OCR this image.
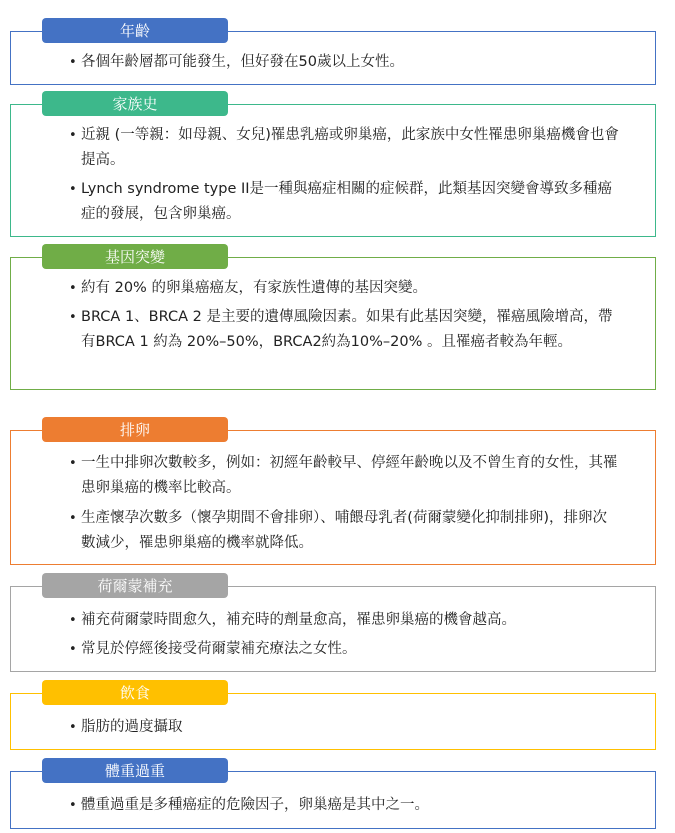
• 各個年齡層都可能發生，但好發在50歲以上女性。
年齡
• 近親 (一等親：如母親、女兒)罹患乳癌或卵巢癌，此家族中女性罹患卵巢癌機會也會提高。
• Lynch syndrome type II是一種與癌症相關的症候群，此類基因突變會導致多種癌症的發展，包含卵巢癌。
家族史
• 約有 20% 的卵巢癌癌友，有家族性遺傳的基因突變。
• BRCA 1、BRCA 2 是主要的遺傳風險因素。如果有此基因突變，罹癌風險增高，帶有BRCA 1 約為 20%–50%，BRCA2約為10%–20% 。且罹癌者較為年輕。
基因突變
• 一生中排卵次數較多，例如：初經年齡較早、停經年齡晚以及不曾生育的女性，其罹患卵巢癌的機率比較高。
• 生產懷孕次數多（懷孕期間不會排卵）、哺餵母乳者(荷爾蒙變化抑制排卵)，排卵次數減少，罹患卵巢癌的機率就降低。
排卵
• 補充荷爾蒙時間愈久，補充時的劑量愈高，罹患卵巢癌的機會越高。
• 常見於停經後接受荷爾蒙補充療法之女性。
荷爾蒙補充
• 脂肪的過度攝取
飲食
• 體重過重是多種癌症的危險因子，卵巢癌是其中之一。
體重過重
